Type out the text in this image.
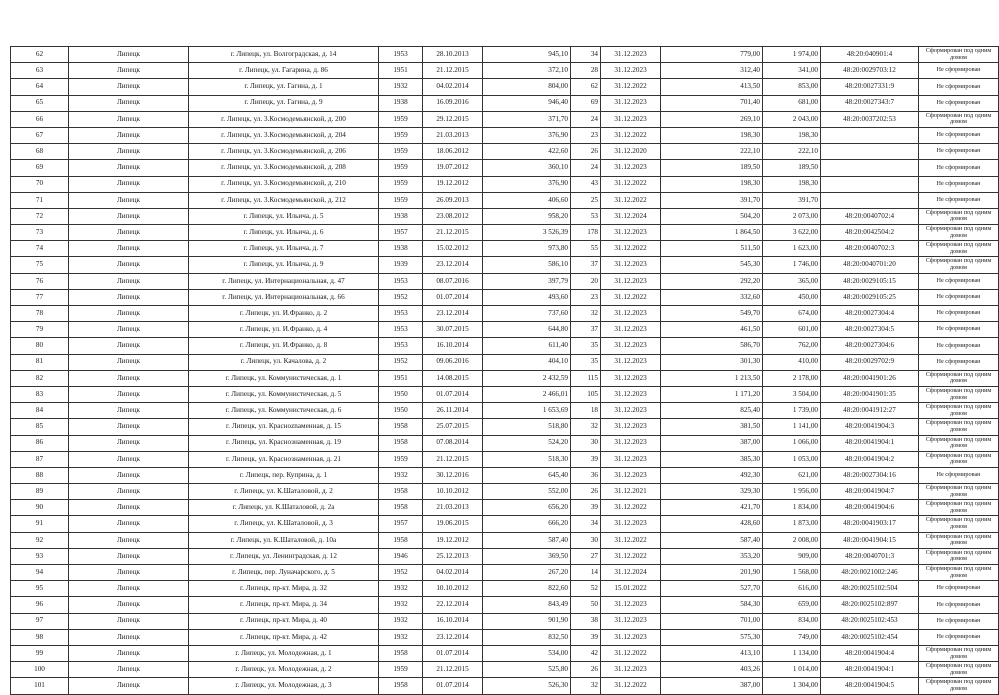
62	Липецк	г. Липецк, ул. Волгоградская, д. 14	1953	28.10.2013	945,10	34	31.12.2023	779,00	1 974,00	48:20:040901:4	Сформирован под одним домом
63	Липецк	г. Липецк, ул. Гагарина, д. 86	1951	21.12.2015	372,10	28	31.12.2023	312,40	341,00	48:20:0029703:12	Не сформирован
64	Липецк	г. Липецк, ул. Гагина, д. 1	1932	04.02.2014	804,00	62	31.12.2022	413,50	853,00	48:20:0027331:9	Не сформирован
65	Липецк	г. Липецк, ул. Гагина, д. 9	1938	16.09.2016	946,40	69	31.12.2023	701,40	681,00	48:20:0027343:7	Не сформирован
66	Липецк	г. Липецк, ул. 3.Космодемьянской, д. 200	1959	29.12.2015	371,70	24	31.12.2023	269,10	2 043,00	48:20:0037202:53	Сформирован под одним домом
67	Липецк	г. Липецк, ул. 3.Космодемьянской, д. 204	1959	21.03.2013	376,90	23	31.12.2022	198,30	198,30		Не сформирован
68	Липецк	г. Липецк, ул. 3.Космодемьянской, д. 206	1959	18.06.2012	422,60	26	31.12.2020	222,10	222,10		Не сформирован
69	Липецк	г. Липецк, ул. 3.Космодемьянской, д. 208	1959	19.07.2012	360,10	24	31.12.2023	189,50	189,50		Не сформирован
70	Липецк	г. Липецк, ул. 3.Космодемьянской, д. 210	1959	19.12.2012	376,90	43	31.12.2022	198,30	198,30		Не сформирован
71	Липецк	г. Липецк, ул. 3.Космодемьянской, д. 212	1959	26.09.2013	406,60	25	31.12.2022	391,70	391,70		Не сформирован
72	Липецк	г. Липецк, ул. Ильича, д. 5	1938	23.08.2012	958,20	53	31.12.2024	504,20	2 073,00	48:20:0040702:4	Сформирован под одним домом
73	Липецк	г. Липецк, ул. Ильича, д. 6	1957	21.12.2015	3 526,39	178	31.12.2023	1 864,50	3 622,00	48:20:0042504:2	Сформирован под одним домом
74	Липецк	г. Липецк, ул. Ильича, д. 7	1938	15.02.2012	973,80	55	31.12.2022	511,50	1 623,00	48:20:0040702:3	Сформирован под одним домом
75	Липецк	г. Липецк, ул. Ильича, д. 9	1939	23.12.2014	586,10	37	31.12.2023	545,30	1 746,00	48:20:0040701:20	Сформирован под одним домом
76	Липецк	г. Липецк, ул. Интернациональная, д. 47	1953	08.07.2016	397,79	20	31.12.2023	292,20	365,00	48:20:0029105:15	Не сформирован
77	Липецк	г. Липецк, ул. Интернациональная, д. 66	1952	01.07.2014	493,60	23	31.12.2022	332,60	450,00	48:20:0029105:25	Не сформирован
78	Липецк	г. Липецк, ул. И.Франко, д. 2	1953	23.12.2014	737,60	32	31.12.2023	549,70	674,00	48:20:0027304:4	Не сформирован
79	Липецк	г. Липецк, ул. И.Франко, д. 4	1953	30.07.2015	644,80	37	31.12.2023	461,50	601,00	48:20:0027304:5	Не сформирован
80	Липецк	г. Липецк, ул. И.Франко, д. 8	1953	16.10.2014	611,40	35	31.12.2023	586,70	762,00	48:20:0027304:6	Не сформирован
81	Липецк	г. Липецк, ул. Качалова, д. 2	1952	09.06.2016	404,10	35	31.12.2023	301,30	410,00	48:20:0029702:9	Не сформирован
82	Липецк	г. Липецк, ул. Коммунистическая, д. 1	1951	14.08.2015	2 432,59	115	31.12.2023	1 213,50	2 178,00	48:20:0041901:26	Сформирован под одним домом
83	Липецк	г. Липецк, ул. Коммунистическая, д. 5	1950	01.07.2014	2 466,01	105	31.12.2023	1 171,20	3 504,00	48:20:0041901:35	Сформирован под одним домом
84	Липецк	г. Липецк, ул. Коммунистическая, д. 6	1950	26.11.2014	1 653,69	18	31.12.2023	825,40	1 739,00	48:20:0041912:27	Сформирован под одним домом
85	Липецк	г. Липецк, ул. Красноznаменная, д. 15	1958	25.07.2015	518,80	32	31.12.2023	381,50	1 141,00	48:20:0041904:3	Сформирован под одним домом
86	Липецк	г. Липецк, ул. Краснознаменная, д. 19	1958	07.08.2014	524,20	30	31.12.2023	387,00	1 066,00	48:20:0041904:1	Сформирован под одним домом
87	Липецк	г. Липецк, ул. Краснознаменная, д. 21	1959	21.12.2015	518,30	39	31.12.2023	385,30	1 053,00	48:20:0041904:2	Сформирован под одним домом
88	Липецк	г. Липецк, пер. Куприна, д. 1	1932	30.12.2016	645,40	36	31.12.2023	492,30	621,00	48:20:0027304:16	Не сформирован
89	Липецк	г. Липецк, ул. К.Шаталовой, д. 2	1958	10.10.2012	552,00	26	31.12.2021	329,30	1 956,00	48:20:0041904:7	Сформирован под одним домом
90	Липецк	г. Липецк, ул. К.Шаталовой, д. 2а	1958	21.03.2013	656,20	39	31.12.2022	421,70	1 834,00	48:20:0041904:6	Сформирован под одним домом
91	Липецк	г. Липецк, ул. К.Шаталовой, д. 3	1957	19.06.2015	666,20	34	31.12.2023	428,60	1 873,00	48:20:0041903:17	Сформирован под одним домом
92	Липецк	г. Липецк, ул. К.Шаталовой, д. 10а	1958	19.12.2012	587,40	30	31.12.2022	587,40	2 008,00	48:20:0041904:15	Сформирован под одним домом
93	Липецк	г. Липецк, ул. Ленинградская, д. 12	1946	25.12.2013	369,50	27	31.12.2022	353,20	909,00	48:20:0040701:3	Сформирован под одним домом
94	Липецк	г. Липецк, пер. Луначарского, д. 5	1952	04.02.2014	267,20	14	31.12.2024	201,90	1 568,00	48:20:0021002:246	Сформирован под одним домом
95	Липецк	г. Липецк, пр-кт. Мира, д. 32	1932	10.10.2012	822,60	52	15.01.2022	527,70	616,00	48:20:0025102:504	Не сформирован
96	Липецк	г. Липецк, пр-кт. Мира, д. 34	1932	22.12.2014	843,49	50	31.12.2023	584,30	659,00	48:20:0025102:897	Не сформирован
97	Липецк	г. Липецк, пр-кт. Мира, д. 40	1932	16.10.2014	901,90	38	31.12.2023	701,00	834,00	48:20:0025102:453	Не сформирован
98	Липецк	г. Липецк, пр-кт. Мира, д. 42	1932	23.12.2014	832,50	39	31.12.2023	575,30	749,00	48:20:0025102:454	Не сформирован
99	Липецк	г. Липецк, ул. Молодежная, д. 1	1958	01.07.2014	534,00	42	31.12.2022	413,10	1 134,00	48:20:0041904:4	Сформирован под одним домом
100	Липецк	г. Липецк, ул. Молодежная, д. 2	1959	21.12.2015	525,80	26	31.12.2023	403,26	1 014,00	48:20:0041904:1	Сформирован под одним домом
101	Липецк	г. Липецк, ул. Молодежная, д. 3	1958	01.07.2014	526,30	32	31.12.2022	387,00	1 304,00	48:20:0041904:5	Сформирован под одним домом
